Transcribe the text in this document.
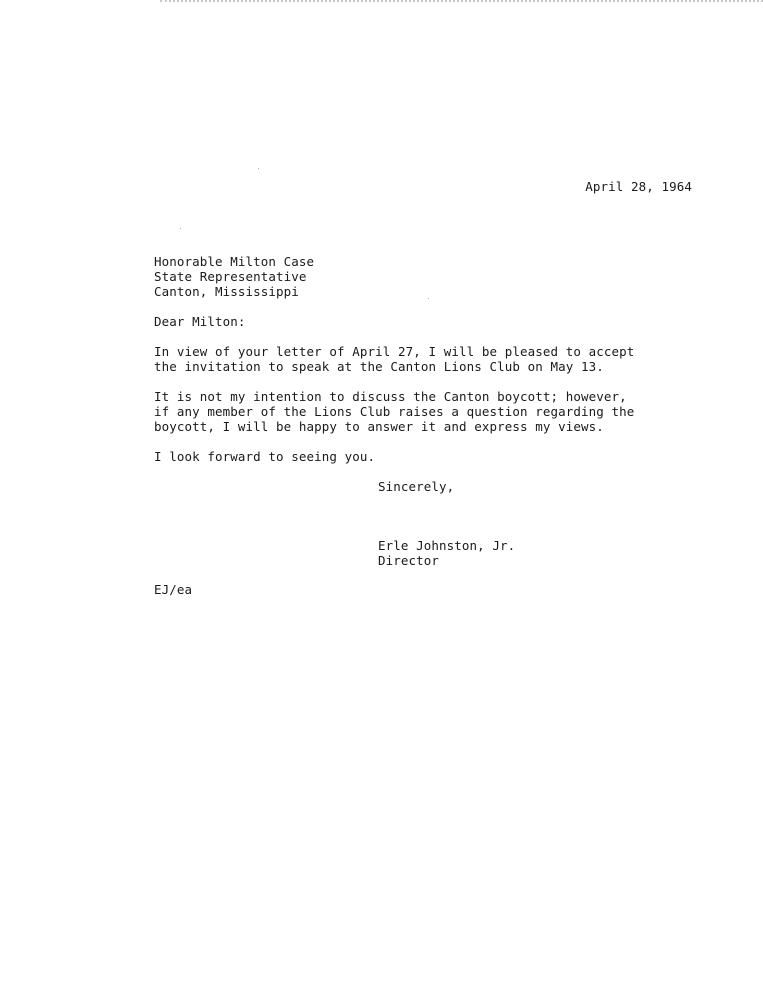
April 28, 1964
Honorable Milton Case
State Representative
Canton, Mississippi
Dear Milton:
In view of your letter of April 27, I will be pleased to accept
the invitation to speak at the Canton Lions Club on May 13.
It is not my intention to discuss the Canton boycott; however,
if any member of the Lions Club raises a question regarding the
boycott, I will be happy to answer it and express my views.
I look forward to seeing you.
Sincerely,
Erle Johnston, Jr.
Director
EJ/ea
